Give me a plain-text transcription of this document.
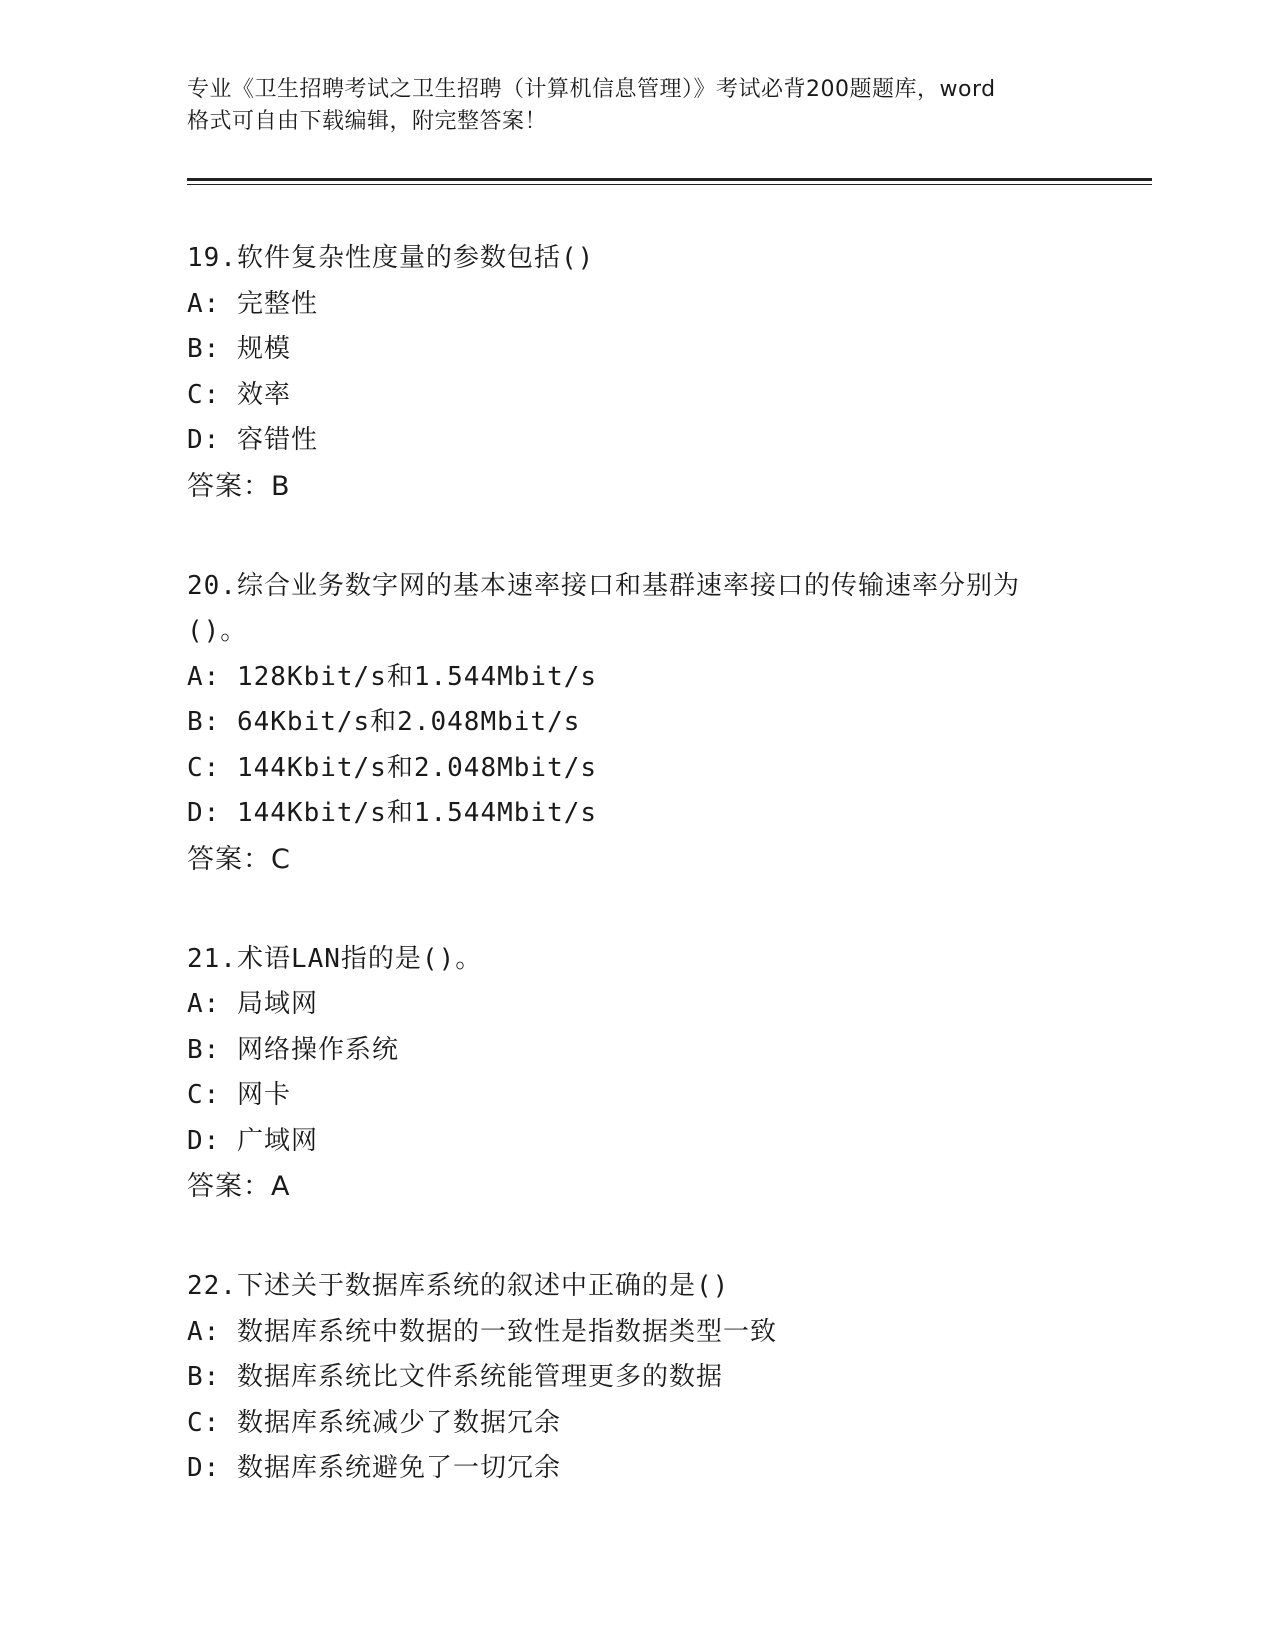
专业《卫生招聘考试之卫生招聘（计算机信息管理）》考试必背200题题库，word
格式可自由下载编辑，附完整答案！
19.软件复杂性度量的参数包括()
A: 完整性
B: 规模
C: 效率
D: 容错性
答案：B
20.综合业务数字网的基本速率接口和基群速率接口的传输速率分别为()。
A: 128Kbit/s和1.544Mbit/s
B: 64Kbit/s和2.048Mbit/s
C: 144Kbit/s和2.048Mbit/s
D: 144Kbit/s和1.544Mbit/s
答案：C
21.术语LAN指的是()。
A: 局域网
B: 网络操作系统
C: 网卡
D: 广域网
答案：A
22.下述关于数据库系统的叙述中正确的是()
A: 数据库系统中数据的一致性是指数据类型一致
B: 数据库系统比文件系统能管理更多的数据
C: 数据库系统减少了数据冗余
D: 数据库系统避免了一切冗余
